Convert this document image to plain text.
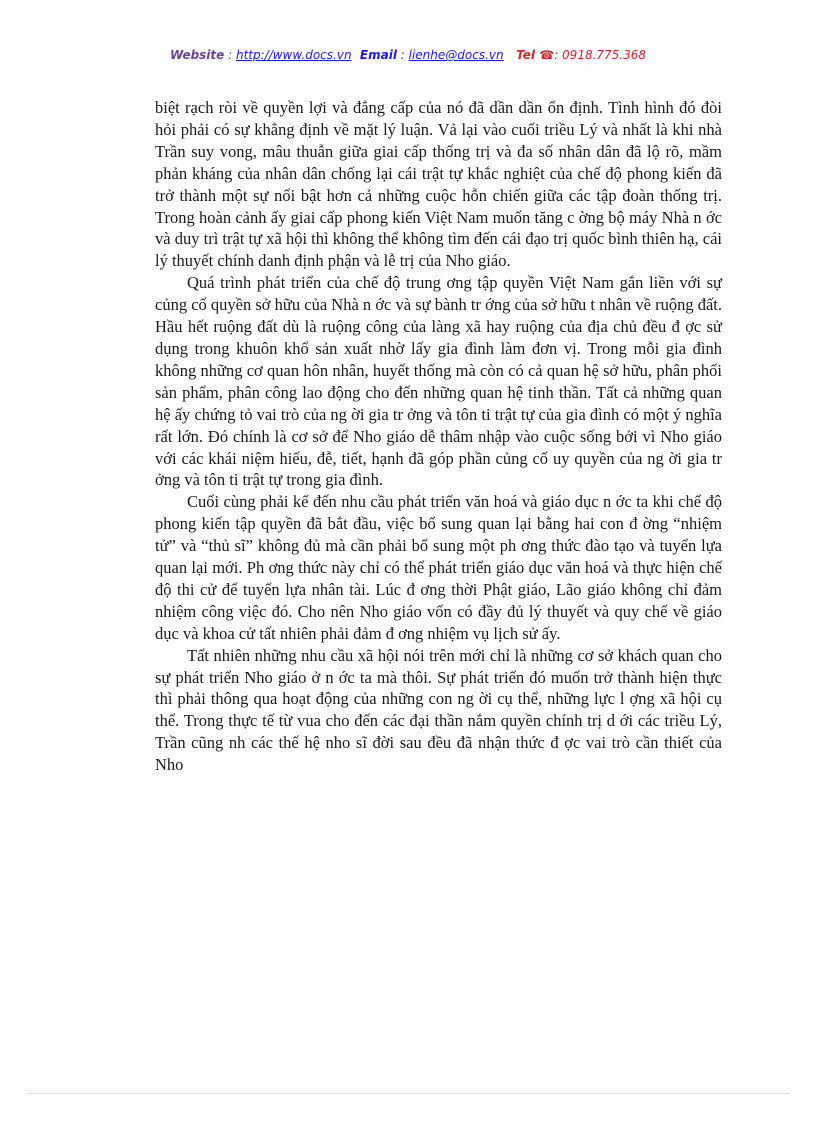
Website : http://www.docs.vn Email : lienhe@docs.vn Tel ☎: 0918.775.368

biệt rạch ròi về quyền lợi và đẳng cấp của nó đã dần dần ổn định. Tình hình đó đòi hỏi phải có sự khẳng định về mặt lý luận. Vả lại vào cuối triều Lý và nhất là khi nhà Trần suy vong, mâu thuẫn giữa giai cấp thống trị và đa số nhân dân đã lộ rõ, mầm phản kháng của nhân dân chống lại cái trật tự khắc nghiệt của chế độ phong kiến đã trở thành một sự nổi bật hơn cả những cuộc hỗn chiến giữa các tập đoàn thống trị. Trong hoàn cảnh ấy giai cấp phong kiến Việt Nam muốn tăng c ờng bộ máy Nhà n ớc và duy trì trật tự xã hội thì không thể không tìm đến cái đạo trị quốc bình thiên hạ, cái lý thuyết chính danh định phận và lễ trị của Nho giáo.

Quá trình phát triển của chế độ trung ơng tập quyền Việt Nam gắn liền với sự củng cố quyền sở hữu của Nhà n ớc và sự bành tr ớng của sở hữu t nhân về ruộng đất. Hầu hết ruộng đất dù là ruộng công của làng xã hay ruộng của địa chủ đều đ ợc sử dụng trong khuôn khổ sản xuất nhờ lấy gia đình làm đơn vị. Trong mỗi gia đình không những cơ quan hôn nhân, huyết thống mà còn có cả quan hệ sở hữu, phân phối sản phẩm, phân công lao động cho đến những quan hệ tinh thần. Tất cả những quan hệ ấy chứng tỏ vai trò của ng ời gia tr ởng và tôn ti trật tự của gia đình có một ý nghĩa rất lớn. Đó chính là cơ sở để Nho giáo dễ thâm nhập vào cuộc sống bởi vì Nho giáo với các khái niệm hiếu, đễ, tiết, hạnh đã góp phần củng cố uy quyền của ng ời gia tr ởng và tôn ti trật tự trong gia đình.

Cuối cùng phải kể đến nhu cầu phát triển văn hoá và giáo dục n ớc ta khi chế độ phong kiến tập quyền đã bắt đầu, việc bổ sung quan lại bằng hai con đ ờng “nhiệm tử” và “thủ sĩ” không đủ mà cần phải bổ sung một ph ơng thức đào tạo và tuyển lựa quan lại mới. Ph ơng thức này chỉ có thể phát triển giáo dục văn hoá và thực hiện chế độ thi cử để tuyển lựa nhân tài. Lúc đ ơng thời Phật giáo, Lão giáo không chỉ đảm nhiệm công việc đó. Cho nên Nho giáo vốn có đầy đủ lý thuyết và quy chế về giáo dục và khoa cử tất nhiên phải đảm đ ơng nhiệm vụ lịch sử ấy.

Tất nhiên những nhu cầu xã hội nói trên mới chỉ là những cơ sở khách quan cho sự phát triển Nho giáo ở n ớc ta mà thôi. Sự phát triển đó muốn trở thành hiện thực thì phải thông qua hoạt động của những con ng ời cụ thể, những lực l ợng xã hội cụ thể. Trong thực tế từ vua cho đến các đại thần nắm quyền chính trị d ới các triều Lý, Trần cũng nh các thế hệ nho sĩ đời sau đều đã nhận thức đ ợc vai trò cần thiết của Nho
